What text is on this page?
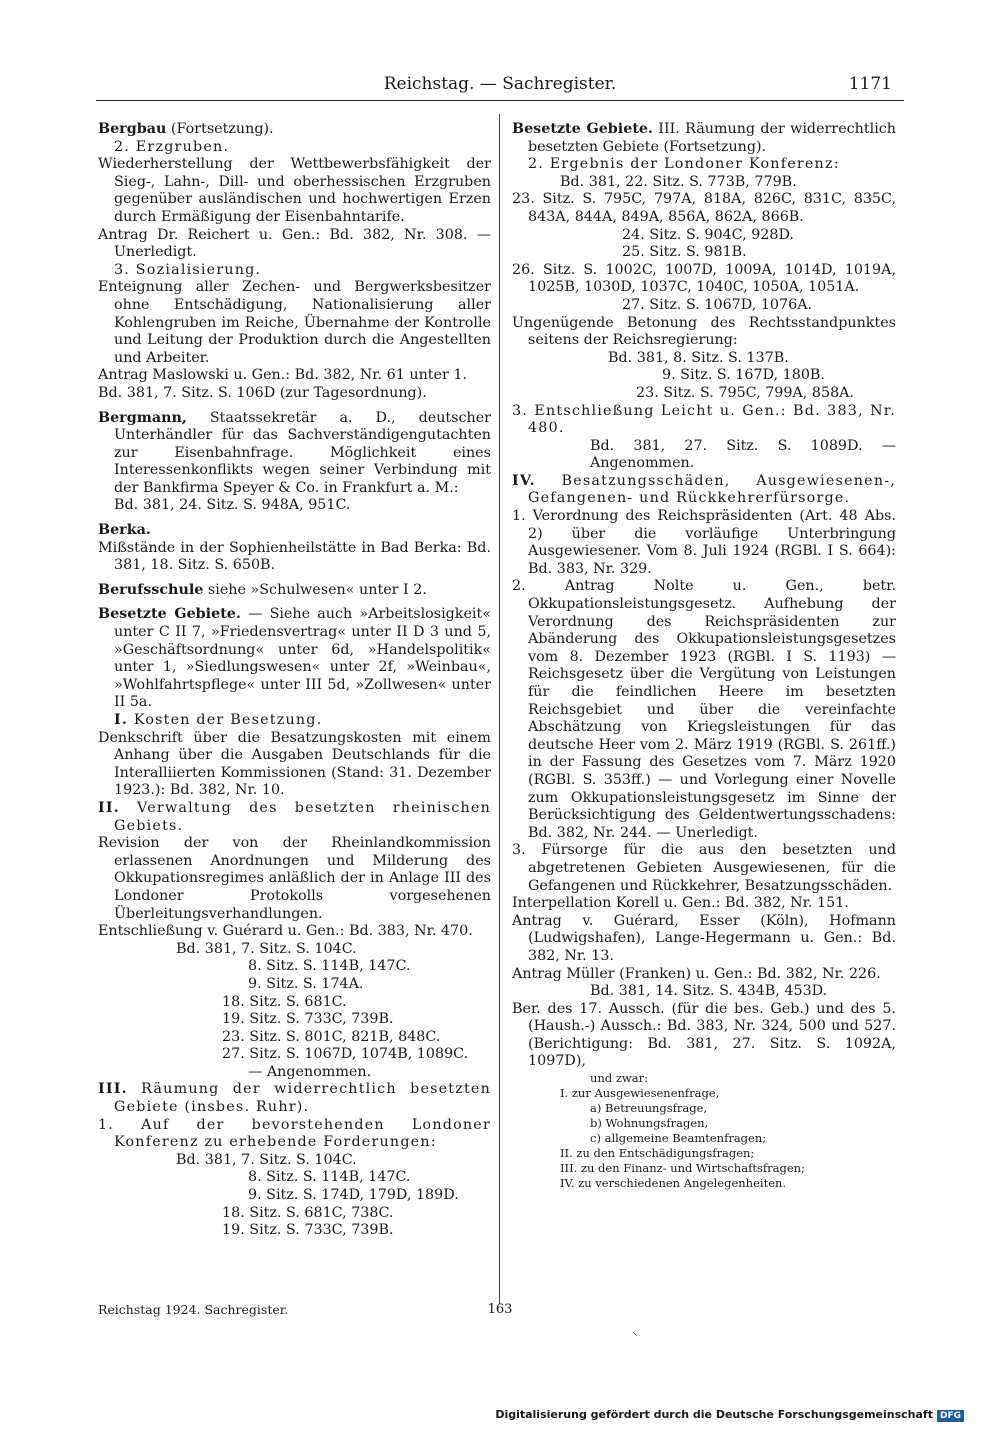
Reichstag. — Sachregister.	1171

Bergbau (Fortsetzung).

2. Erzgruben.

Wiederherstellung der Wettbewerbsfähigkeit der Sieg-, Lahn-, Dill- und oberhessischen Erzgruben gegenüber ausländischen und hochwertigen Erzen durch Ermäßigung der Eisenbahntarife.

Antrag Dr. Reichert u. Gen.: Bd. 382, Nr. 308. — Unerledigt.

3. Sozialisierung.

Enteignung aller Zechen- und Bergwerksbesitzer ohne Entschädigung, Nationalisierung aller Kohlengruben im Reiche, Übernahme der Kontrolle und Leitung der Produktion durch die Angestellten und Arbeiter.

Antrag Maslowski u. Gen.: Bd. 382, Nr. 61 unter 1.

Bd. 381, 7. Sitz. S. 106D (zur Tagesordnung).

Bergmann, Staatssekretär a. D., deutscher Unterhändler für das Sachverständigengutachten zur Eisenbahnfrage. Möglichkeit eines Interessenkonflikts wegen seiner Verbindung mit der Bankfirma Speyer & Co. in Frankfurt a. M.:

Bd. 381, 24. Sitz. S. 948A, 951C.

Berka.

Mißstände in der Sophienheilstätte in Bad Berka: Bd. 381, 18. Sitz. S. 650B.

Berufsschule siehe »Schulwesen« unter I 2.

Besetzte Gebiete. — Siehe auch »Arbeitslosigkeit« unter C II 7, »Friedensvertrag« unter II D 3 und 5, »Geschäftsordnung« unter 6d, »Handelspolitik« unter 1, »Siedlungswesen« unter 2f, »Weinbau«, »Wohlfahrtspflege« unter III 5d, »Zollwesen« unter II 5a.

I. Kosten der Besetzung.

Denkschrift über die Besatzungskosten mit einem Anhang über die Ausgaben Deutschlands für die Interalliierten Kommissionen (Stand: 31. Dezember 1923.): Bd. 382, Nr. 10.

II. Verwaltung des besetzten rheinischen Gebiets.

Revision der von der Rheinlandkommission erlassenen Anordnungen und Milderung des Okkupationsregimes anläßlich der in Anlage III des Londoner Protokolls vorgesehenen Überleitungsverhandlungen.

Entschließung v. Guérard u. Gen.: Bd. 383, Nr. 470.

Bd. 381, 7. Sitz. S. 104C.

8. Sitz. S. 114B, 147C.

9. Sitz. S. 174A.

18. Sitz. S. 681C.

19. Sitz. S. 733C, 739B.

23. Sitz. S. 801C, 821B, 848C.

27. Sitz. S. 1067D, 1074B, 1089C.

— Angenommen.

III. Räumung der widerrechtlich besetzten Gebiete (insbes. Ruhr).

1. Auf der bevorstehenden Londoner Konferenz zu erhebende Forderungen:

Bd. 381, 7. Sitz. S. 104C.

8. Sitz. S. 114B, 147C.

9. Sitz. S. 174D, 179D, 189D.

18. Sitz. S. 681C, 738C.

19. Sitz. S. 733C, 739B.

Besetzte Gebiete. III. Räumung der widerrechtlich besetzten Gebiete (Fortsetzung).

2. Ergebnis der Londoner Konferenz:

Bd. 381, 22. Sitz. S. 773B, 779B.

23. Sitz. S. 795C, 797A, 818A, 826C, 831C, 835C, 843A, 844A, 849A, 856A, 862A, 866B.

24. Sitz. S. 904C, 928D.

25. Sitz. S. 981B.

26. Sitz. S. 1002C, 1007D, 1009A, 1014D, 1019A, 1025B, 1030D, 1037C, 1040C, 1050A, 1051A.

27. Sitz. S. 1067D, 1076A.

Ungenügende Betonung des Rechtsstandpunktes seitens der Reichsregierung:

Bd. 381, 8. Sitz. S. 137B.

9. Sitz. S. 167D, 180B.

23. Sitz. S. 795C, 799A, 858A.

3. Entschließung Leicht u. Gen.: Bd. 383, Nr. 480.

Bd. 381, 27. Sitz. S. 1089D. — Angenommen.

IV. Besatzungsschäden, Ausgewiesenen-, Gefangenen- und Rückkehrerfürsorge.

1. Verordnung des Reichspräsidenten (Art. 48 Abs. 2) über die vorläufige Unterbringung Ausgewiesener. Vom 8. Juli 1924 (RGBl. I S. 664): Bd. 383, Nr. 329.

2. Antrag Nolte u. Gen., betr. Okkupationsleistungsgesetz. Aufhebung der Verordnung des Reichspräsidenten zur Abänderung des Okkupationsleistungsgesetzes vom 8. Dezember 1923 (RGBl. I S. 1193) — Reichsgesetz über die Vergütung von Leistungen für die feindlichen Heere im besetzten Reichsgebiet und über die vereinfachte Abschätzung von Kriegsleistungen für das deutsche Heer vom 2. März 1919 (RGBl. S. 261ff.) in der Fassung des Gesetzes vom 7. März 1920 (RGBl. S. 353ff.) — und Vorlegung einer Novelle zum Okkupationsleistungsgesetz im Sinne der Berücksichtigung des Geldentwertungsschadens: Bd. 382, Nr. 244. — Unerledigt.

3. Fürsorge für die aus den besetzten und abgetretenen Gebieten Ausgewiesenen, für die Gefangenen und Rückkehrer, Besatzungsschäden.

Interpellation Korell u. Gen.: Bd. 382, Nr. 151.

Antrag v. Guérard, Esser (Köln), Hofmann (Ludwigshafen), Lange-Hegermann u. Gen.: Bd. 382, Nr. 13.

Antrag Müller (Franken) u. Gen.: Bd. 382, Nr. 226.

Bd. 381, 14. Sitz. S. 434B, 453D.

Ber. des 17. Aussch. (für die bes. Geb.) und des 5. (Haush.-) Aussch.: Bd. 383, Nr. 324, 500 und 527. (Berichtigung: Bd. 381, 27. Sitz. S. 1092A, 1097D),

und zwar:

I. zur Ausgewiesenenfrage,

a) Betreuungsfrage,

b) Wohnungsfragen,

c) allgemeine Beamtenfragen;

II. zu den Entschädigungsfragen;

III. zu den Finanz- und Wirtschaftsfragen;

IV. zu verschiedenen Angelegenheiten.

Reichstag 1924. Sachregister.	163
⸜
Digitalisierung gefördert durch die Deutsche Forschungsgemeinschaft DFG
